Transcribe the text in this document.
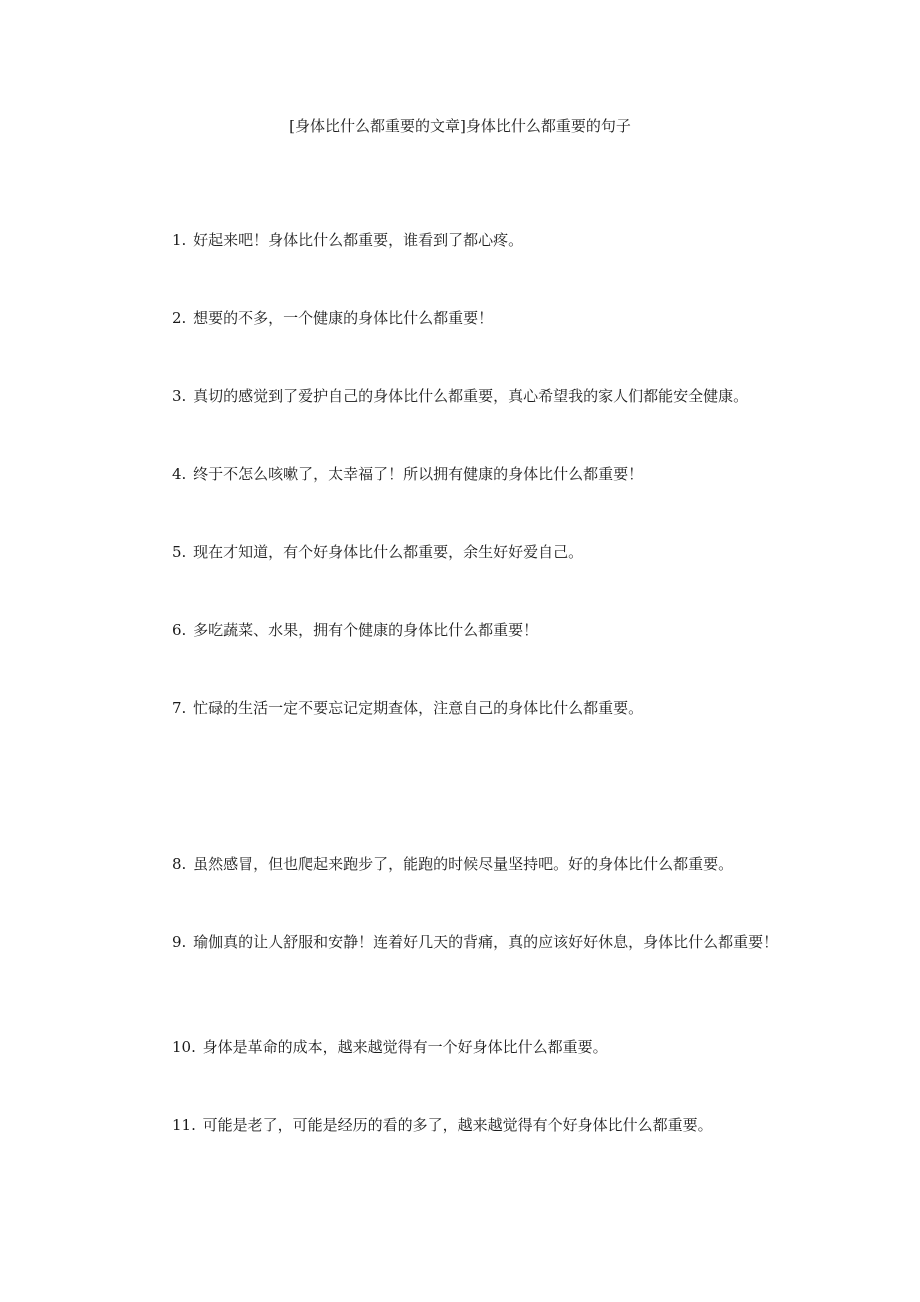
[身体比什么都重要的文章]身体比什么都重要的句子
1. 好起来吧！身体比什么都重要，谁看到了都心疼。
2. 想要的不多，一个健康的身体比什么都重要！
3. 真切的感觉到了爱护自己的身体比什么都重要，真心希望我的家人们都能安全健康。
4. 终于不怎么咳嗽了，太幸福了！所以拥有健康的身体比什么都重要！
5. 现在才知道，有个好身体比什么都重要，余生好好爱自己。
6. 多吃蔬菜、水果，拥有个健康的身体比什么都重要！
7. 忙碌的生活一定不要忘记定期查体，注意自己的身体比什么都重要。
8. 虽然感冒，但也爬起来跑步了，能跑的时候尽量坚持吧。好的身体比什么都重要。
9. 瑜伽真的让人舒服和安静！连着好几天的背痛，真的应该好好休息，身体比什么都重要！
10. 身体是革命的成本，越来越觉得有一个好身体比什么都重要。
11. 可能是老了，可能是经历的看的多了，越来越觉得有个好身体比什么都重要。
